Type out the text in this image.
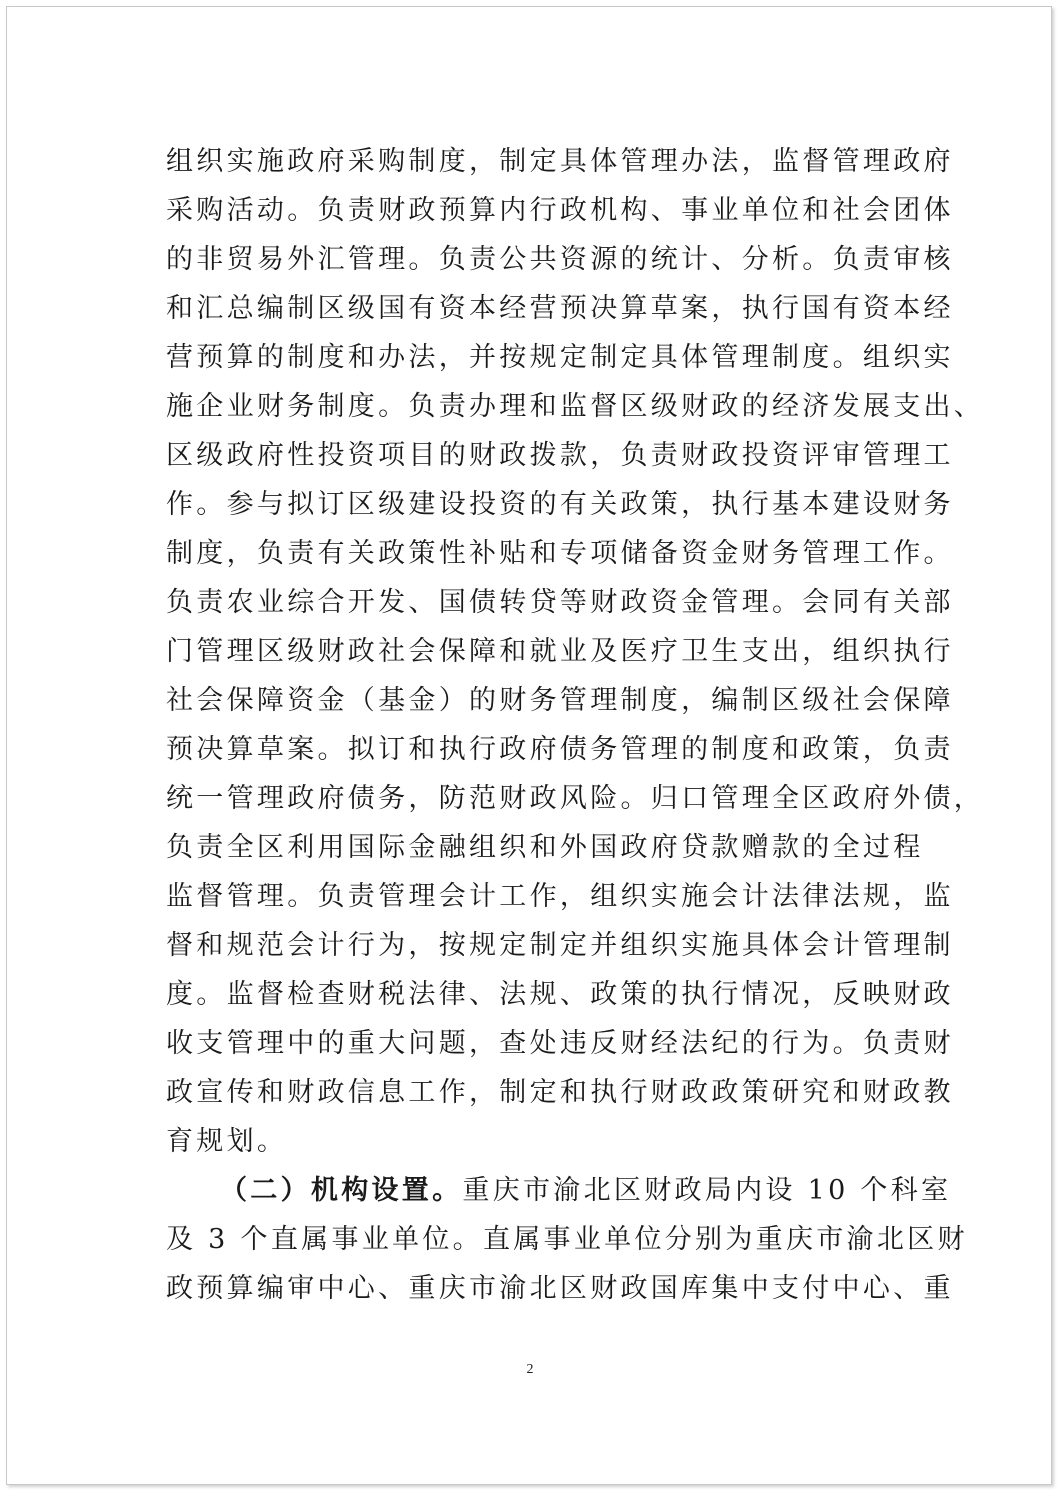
组织实施政府采购制度，制定具体管理办法，监督管理政府
采购活动。负责财政预算内行政机构、事业单位和社会团体
的非贸易外汇管理。负责公共资源的统计、分析。负责审核
和汇总编制区级国有资本经营预决算草案，执行国有资本经
营预算的制度和办法，并按规定制定具体管理制度。组织实
施企业财务制度。负责办理和监督区级财政的经济发展支出、
区级政府性投资项目的财政拨款，负责财政投资评审管理工
作。参与拟订区级建设投资的有关政策，执行基本建设财务
制度，负责有关政策性补贴和专项储备资金财务管理工作。
负责农业综合开发、国债转贷等财政资金管理。会同有关部
门管理区级财政社会保障和就业及医疗卫生支出，组织执行
社会保障资金（基金）的财务管理制度，编制区级社会保障
预决算草案。拟订和执行政府债务管理的制度和政策，负责
统一管理政府债务，防范财政风险。归口管理全区政府外债，
负责全区利用国际金融组织和外国政府贷款赠款的全过程
监督管理。负责管理会计工作，组织实施会计法律法规，监
督和规范会计行为，按规定制定并组织实施具体会计管理制
度。监督检查财税法律、法规、政策的执行情况，反映财政
收支管理中的重大问题，查处违反财经法纪的行为。负责财
政宣传和财政信息工作，制定和执行财政政策研究和财政教
育规划。
（二）机构设置。重庆市渝北区财政局内设 10 个科室
及 3 个直属事业单位。直属事业单位分别为重庆市渝北区财
政预算编审中心、重庆市渝北区财政国库集中支付中心、重
2
